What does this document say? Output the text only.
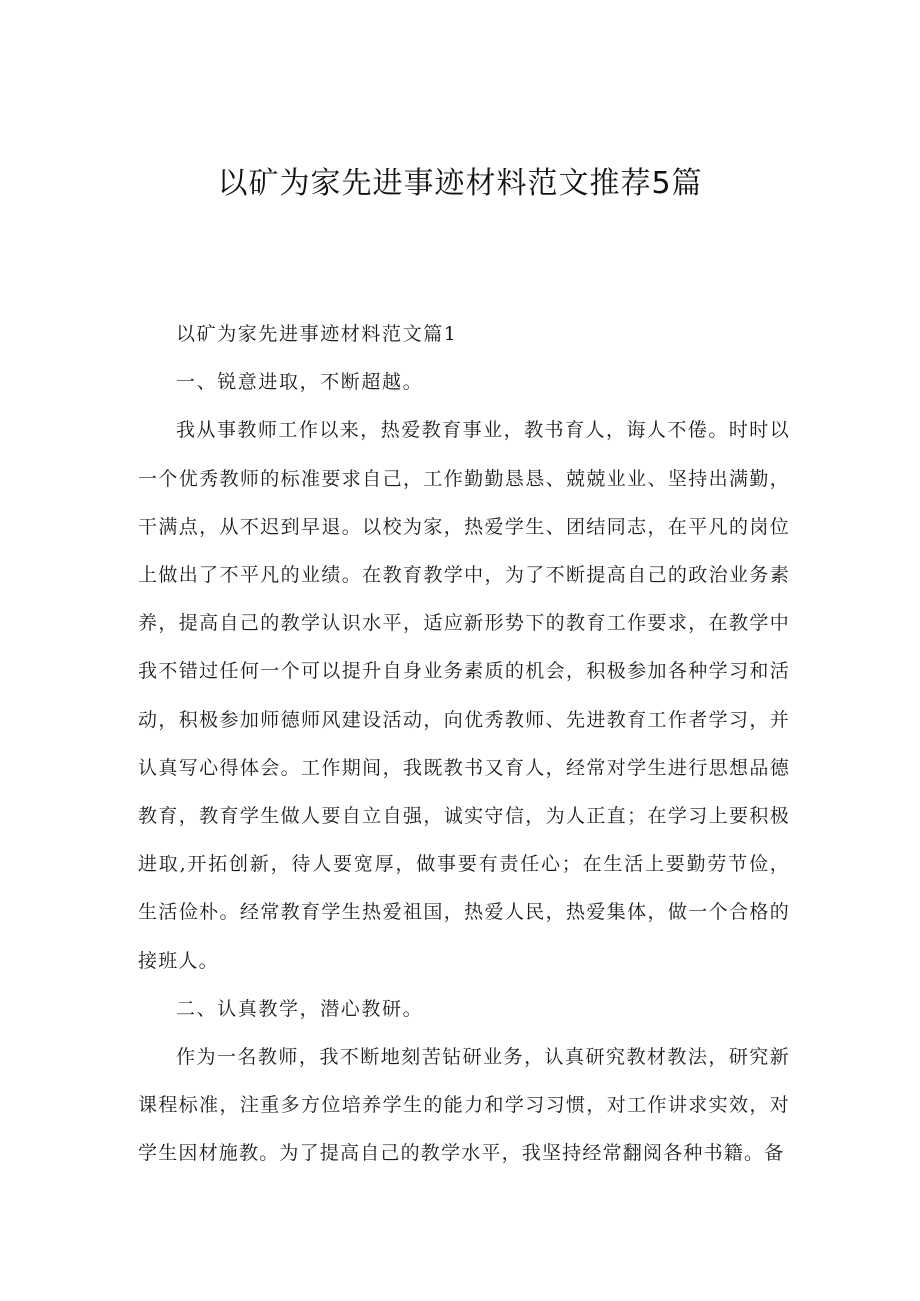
以矿为家先进事迹材料范文推荐5篇

以矿为家先进事迹材料范文篇1

一、锐意进取，不断超越。

我从事教师工作以来，热爱教育事业，教书育人，诲人不倦。时时以一个优秀教师的标准要求自己，工作勤勤恳恳、兢兢业业、坚持出满勤，干满点，从不迟到早退。以校为家，热爱学生、团结同志，在平凡的岗位上做出了不平凡的业绩。在教育教学中，为了不断提高自己的政治业务素养，提高自己的教学认识水平，适应新形势下的教育工作要求，在教学中我不错过任何一个可以提升自身业务素质的机会，积极参加各种学习和活动，积极参加师德师风建设活动，向优秀教师、先进教育工作者学习，并认真写心得体会。工作期间，我既教书又育人，经常对学生进行思想品德教育，教育学生做人要自立自强，诚实守信，为人正直；在学习上要积极进取,开拓创新，待人要宽厚，做事要有责任心；在生活上要勤劳节俭，生活俭朴。经常教育学生热爱祖国，热爱人民，热爱集体，做一个合格的接班人。

二、认真教学，潜心教研。

作为一名教师，我不断地刻苦钻研业务，认真研究教材教法，研究新课程标准，注重多方位培养学生的能力和学习习惯，对工作讲求实效，对学生因材施教。为了提高自己的教学水平，我坚持经常翻阅各种书籍。备
